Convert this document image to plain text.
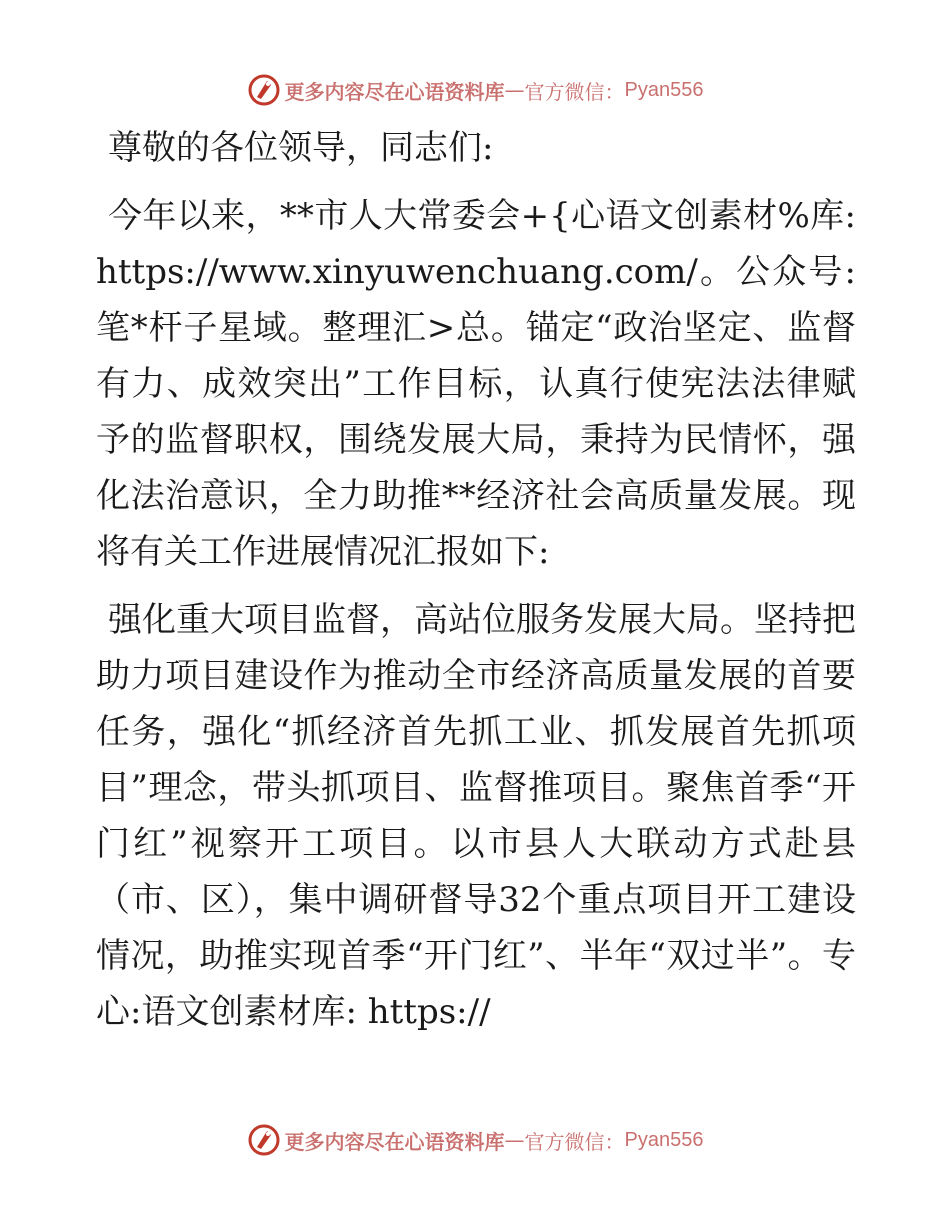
更多内容尽在心语资料库 — 官方微信： Pyan556

尊敬的各位领导，同志们:

今年以来，**市人大常委会+{心语文创素材%库: https://www.xinyuwenchuang.com/。公众号: 笔*杆子星域。整理汇>总。锚定“政治坚定、监督有力、成效突出”工作目标，认真行使宪法法律赋予的监督职权，围绕发展大局，秉持为民情怀，强化法治意识，全力助推**经济社会高质量发展。现将有关工作进展情况汇报如下:

强化重大项目监督，高站位服务发展大局。坚持把助力项目建设作为推动全市经济高质量发展的首要任务，强化“抓经济首先抓工业、抓发展首先抓项目”理念，带头抓项目、监督推项目。聚焦首季“开门红”视察开工项目。以市县人大联动方式赴县（市、区），集中调研督导32个重点项目开工建设情况，助推实现首季“开门红”、半年“双过半”。专心:语文创素材库: https://

更多内容尽在心语资料库 — 官方微信： Pyan556
